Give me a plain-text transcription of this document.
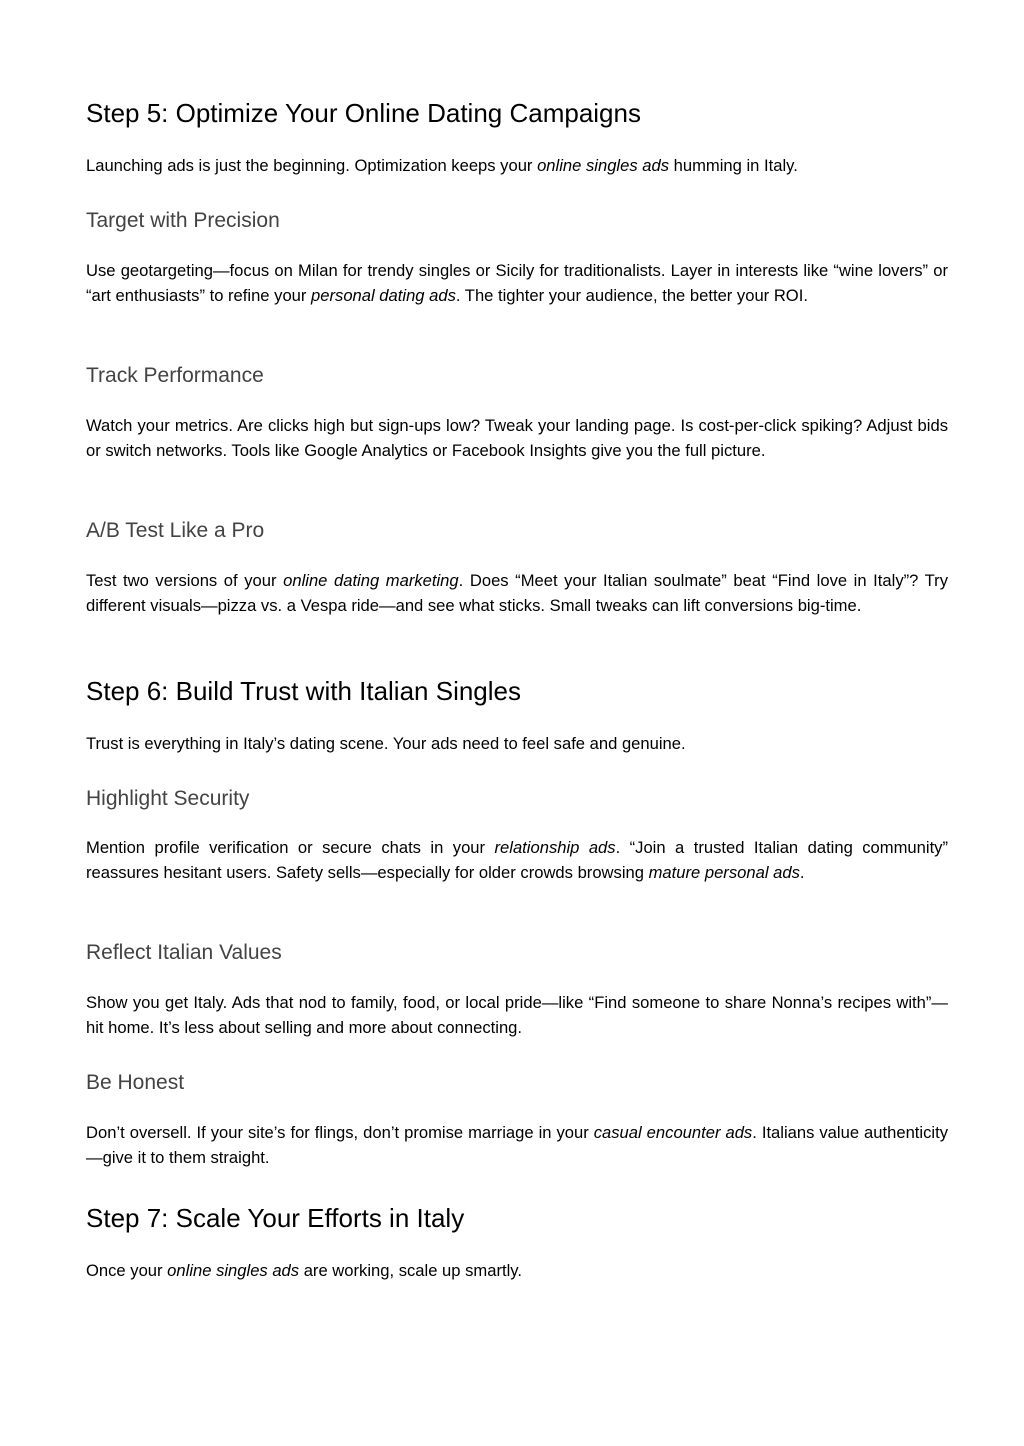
Step 5: Optimize Your Online Dating Campaigns

Launching ads is just the beginning. Optimization keeps your online singles ads humming in Italy.

Target with Precision

Use geotargeting—focus on Milan for trendy singles or Sicily for traditionalists. Layer in interests like “wine lovers” or “art enthusiasts” to refine your personal dating ads. The tighter your audience, the better your ROI.

Track Performance

Watch your metrics. Are clicks high but sign-ups low? Tweak your landing page. Is cost-per-click spiking? Adjust bids or switch networks. Tools like Google Analytics or Facebook Insights give you the full picture.

A/B Test Like a Pro

Test two versions of your online dating marketing. Does “Meet your Italian soulmate” beat “Find love in Italy”? Try different visuals—pizza vs. a Vespa ride—and see what sticks. Small tweaks can lift conversions big-time.

Step 6: Build Trust with Italian Singles

Trust is everything in Italy’s dating scene. Your ads need to feel safe and genuine.

Highlight Security

Mention profile verification or secure chats in your relationship ads. “Join a trusted Italian dating community” reassures hesitant users. Safety sells—especially for older crowds browsing mature personal ads.

Reflect Italian Values

Show you get Italy. Ads that nod to family, food, or local pride—like “Find someone to share Nonna’s recipes with”—hit home. It’s less about selling and more about connecting.

Be Honest

Don’t oversell. If your site’s for flings, don’t promise marriage in your casual encounter ads. Italians value authenticity—give it to them straight.

Step 7: Scale Your Efforts in Italy

Once your online singles ads are working, scale up smartly.
